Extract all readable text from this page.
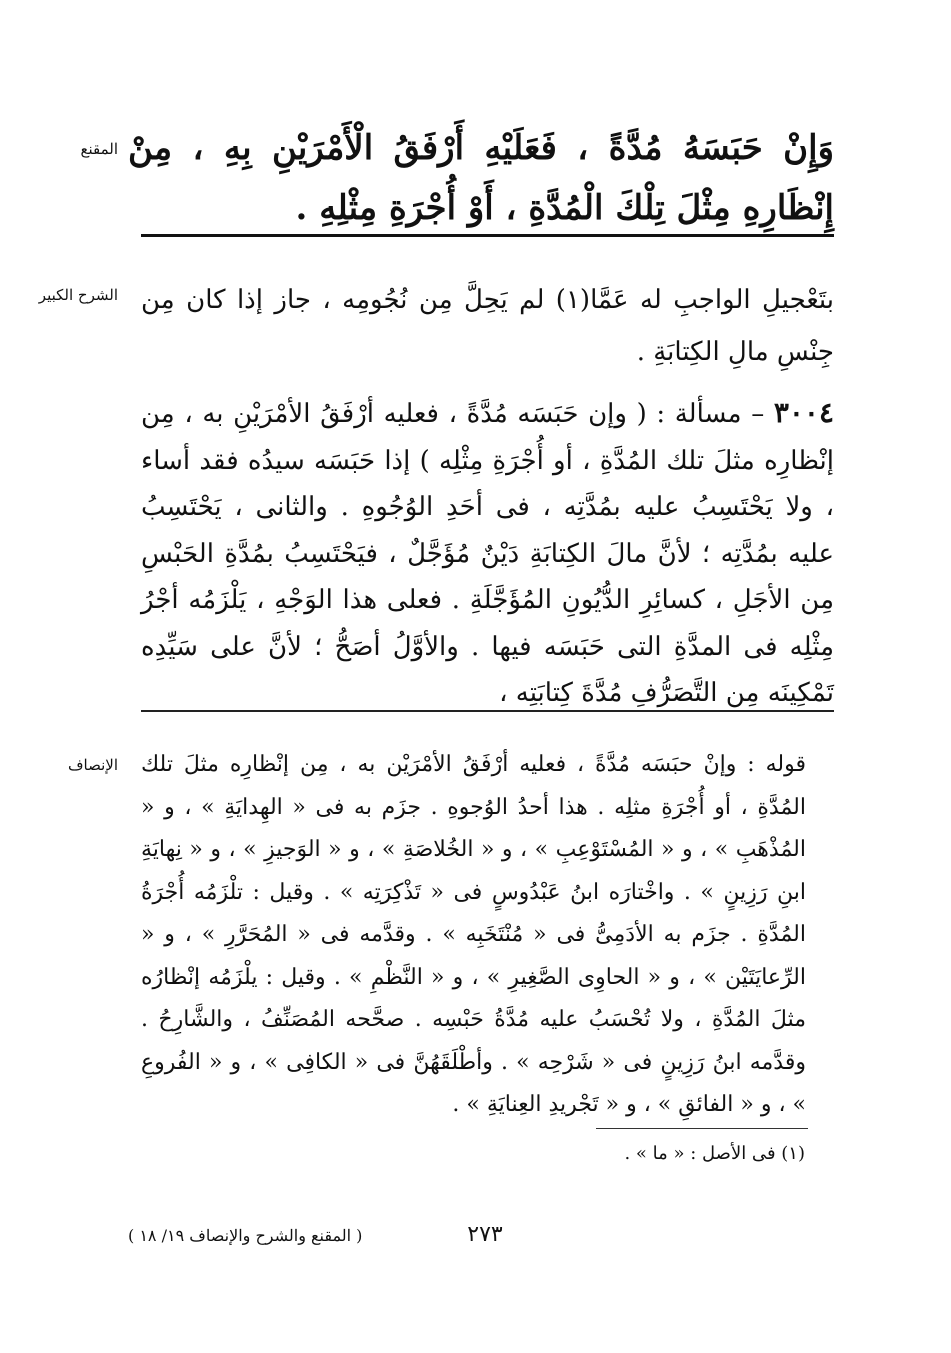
المقنع وَإِنْ حَبَسَهُ مُدَّةً ، فَعَلَيْهِ أَرْفَقُ الْأَمْرَيْنِ بِهِ ، مِنْ إِنْظَارِهِ مِثْلَ تِلْكَ الْمُدَّةِ ، أَوْ أُجْرَةِ مِثْلِهِ .
الشرح الكبير بتَعْجيلِ الواجبِ له عَمَّا(١) لم يَحِلَّ مِن نُجُومِه ، جاز إذا كان مِن جِنْسِ مالِ الكِتابَةِ .
٣٠٠٤ – مسألة : ( وإن حَبَسَه مُدَّةً ، فعليه أرْفَقُ الأمْرَيْنِ به ، مِن إنْظارِه مثلَ تلك المُدَّةِ ، أو أُجْرَةِ مِثْلِه ) إذا حَبَسَه سيدُه فقد أساء ، ولا يَحْتَسِبُ عليه بمُدَّتِه ، فى أحَدِ الوُجُوهِ . والثانى ، يَحْتَسِبُ عليه بمُدَّتِه ؛ لأنَّ مالَ الكِتابَةِ دَيْنٌ مُؤَجَّلٌ ، فيَحْتَسِبُ بمُدَّةِ الحَبْسِ مِن الأجَلِ ، كسائِرِ الدُّيُونِ المُؤَجَّلَةِ . فعلى هذا الوَجْهِ ، يَلْزَمُه أجْرُ مِثْلِه فى المدَّةِ التى حَبَسَه فيها . والأوَّلُ أصَحُّ ؛ لأنَّ على سَيِّدِه تَمْكِينَه مِن التَّصَرُّفِ مُدَّةَ كِتابَتِه ،
الإنصاف قوله : وإنْ حبَسَه مُدَّةً ، فعليه أرْفَقُ الأمْرَيْن به ، مِن إنْظارِه مثلَ تلك المُدَّةِ ، أو أُجْرَةِ مثلِه . هذا أحدُ الوُجوهِ . جزَم به فى « الهِدايَةِ » ، و « المُذْهَبِ » ، و « المُسْتَوْعِبِ » ، و « الخُلاصَةِ » ، و « الوَجيزِ » ، و « نِهايَةِ ابنِ رَزِينٍ » . واخْتارَه ابنُ عَبْدُوسٍ فى « تَذْكِرَتِه » . وقيل : تلْزَمُه أُجْرَةُ المُدَّةِ . جزَم به الأدَمِىُّ فى « مُنْتَخَبِه » . وقدَّمه فى « المُحَرَّرِ » ، و « الرِّعايَتَيْن » ، و « الحاوِى الصَّغِيرِ » ، و « النَّظْمِ » . وقيل : يلْزَمُه إنْظارُه مثلَ المُدَّةِ ، ولا تُحْسَبُ عليه مُدَّةُ حَبْسِه . صحَّحه المُصَنِّفُ ، والشَّارِحُ . وقدَّمه ابنُ رَزِينٍ فى « شَرْحِه » . وأطْلَقَهُنَّ فى « الكافِى » ، و « الفُروعِ » ، و « الفائقِ » ، و « تَجْريدِ العِنايَةِ » .
(١) فى الأصل : « ما » .
٢٧٣
( المقنع والشرح والإنصاف ١٩/ ١٨ )
